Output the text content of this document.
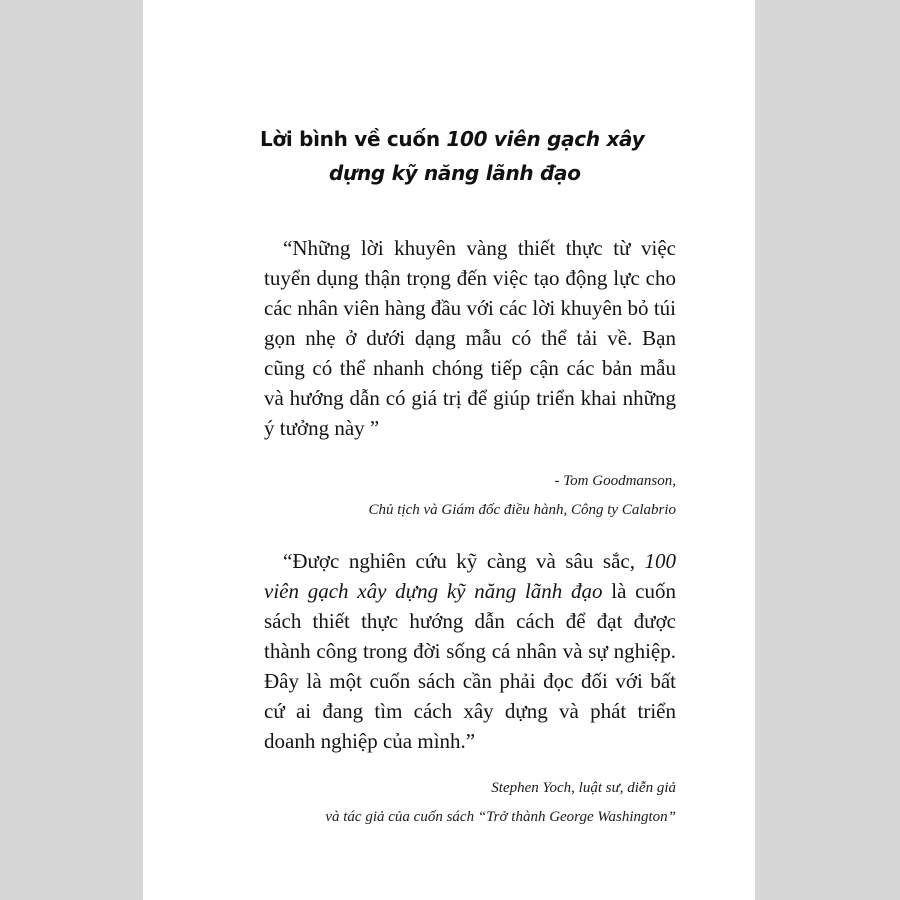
Lời bình về cuốn 100 viên gạch xây
dựng kỹ năng lãnh đạo

“Những lời khuyên vàng thiết thực từ việc tuyển dụng thận trọng đến việc tạo động lực cho các nhân viên hàng đầu với các lời khuyên bỏ túi gọn nhẹ ở dưới dạng mẫu có thể tải về. Bạn cũng có thể nhanh chóng tiếp cận các bản mẫu và hướng dẫn có giá trị để giúp triển khai những ý tưởng này ”

- Tom Goodmanson,

Chủ tịch và Giám đốc điều hành, Công ty Calabrio

“Được nghiên cứu kỹ càng và sâu sắc, 100 viên gạch xây dựng kỹ năng lãnh đạo là cuốn sách thiết thực hướng dẫn cách để đạt được thành công trong đời sống cá nhân và sự nghiệp. Đây là một cuốn sách cần phải đọc đối với bất cứ ai đang tìm cách xây dựng và phát triển doanh nghiệp của mình.”

Stephen Yoch, luật sư, diễn giả

và tác giả của cuốn sách “Trở thành George Washington”
